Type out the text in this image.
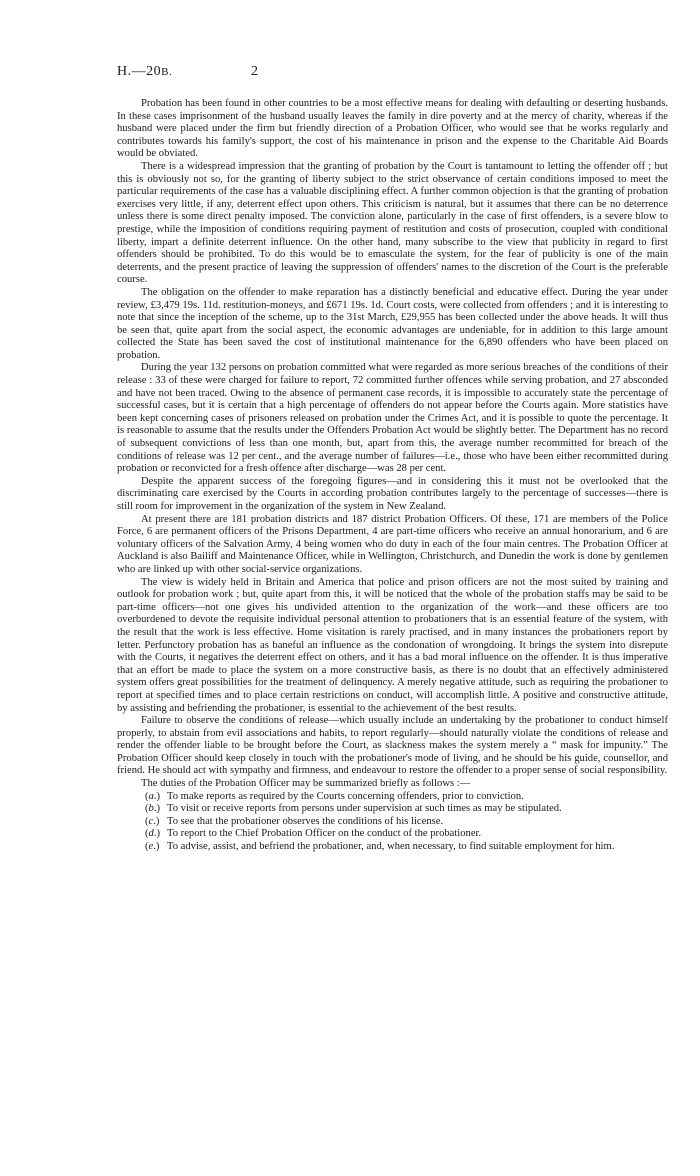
H.—20B.	2

Probation has been found in other countries to be a most effective means for dealing with defaulting or deserting husbands. In these cases imprisonment of the husband usually leaves the family in dire poverty and at the mercy of charity, whereas if the husband were placed under the firm but friendly direction of a Probation Officer, who would see that he works regularly and contributes towards his family's support, the cost of his maintenance in prison and the expense to the Charitable Aid Boards would be obviated.

There is a widespread impression that the granting of probation by the Court is tantamount to letting the offender off ; but this is obviously not so, for the granting of liberty subject to the strict observance of certain conditions imposed to meet the particular requirements of the case has a valuable disciplining effect. A further common objection is that the granting of probation exercises very little, if any, deterrent effect upon others. This criticism is natural, but it assumes that there can be no deterrence unless there is some direct penalty imposed. The conviction alone, particularly in the case of first offenders, is a severe blow to prestige, while the imposition of conditions requiring payment of restitution and costs of prosecution, coupled with conditional liberty, impart a definite deterrent influence. On the other hand, many subscribe to the view that publicity in regard to first offenders should be prohibited. To do this would be to emasculate the system, for the fear of publicity is one of the main deterrents, and the present practice of leaving the suppression of offenders' names to the discretion of the Court is the preferable course.

The obligation on the offender to make reparation has a distinctly beneficial and educative effect. During the year under review, £3,479 19s. 11d. restitution-moneys, and £671 19s. 1d. Court costs, were collected from offenders ; and it is interesting to note that since the inception of the scheme, up to the 31st March, £29,955 has been collected under the above heads. It will thus be seen that, quite apart from the social aspect, the economic advantages are undeniable, for in addition to this large amount collected the State has been saved the cost of institutional maintenance for the 6,890 offenders who have been placed on probation.

During the year 132 persons on probation committed what were regarded as more serious breaches of the conditions of their release : 33 of these were charged for failure to report, 72 committed further offences while serving probation, and 27 absconded and have not been traced. Owing to the absence of permanent case records, it is impossible to accurately state the percentage of successful cases, but it is certain that a high percentage of offenders do not appear before the Courts again. More statistics have been kept concerning cases of prisoners released on probation under the Crimes Act, and it is possible to quote the percentage. It is reasonable to assume that the results under the Offenders Probation Act would be slightly better. The Department has no record of subsequent convictions of less than one month, but, apart from this, the average number recommitted for breach of the conditions of release was 12 per cent., and the average number of failures—i.e., those who have been either recommitted during probation or reconvicted for a fresh offence after discharge—was 28 per cent.

Despite the apparent success of the foregoing figures—and in considering this it must not be overlooked that the discriminating care exercised by the Courts in according probation contributes largely to the percentage of successes—there is still room for improvement in the organization of the system in New Zealand.

At present there are 181 probation districts and 187 district Probation Officers. Of these, 171 are members of the Police Force, 6 are permanent officers of the Prisons Department, 4 are part-time officers who receive an annual honorarium, and 6 are voluntary officers of the Salvation Army, 4 being women who do duty in each of the four main centres. The Probation Officer at Auckland is also Bailiff and Maintenance Officer, while in Wellington, Christchurch, and Dunedin the work is done by gentlemen who are linked up with other social-service organizations.

The view is widely held in Britain and America that police and prison officers are not the most suited by training and outlook for probation work ; but, quite apart from this, it will be noticed that the whole of the probation staffs may be said to be part-time officers—not one gives his undivided attention to the organization of the work—and these officers are too overburdened to devote the requisite individual personal attention to probationers that is an essential feature of the system, with the result that the work is less effective. Home visitation is rarely practised, and in many instances the probationers report by letter. Perfunctory probation has as baneful an influence as the condonation of wrongdoing. It brings the system into disrepute with the Courts, it negatives the deterrent effect on others, and it has a bad moral influence on the offender. It is thus imperative that an effort be made to place the system on a more constructive basis, as there is no doubt that an effectively administered system offers great possibilities for the treatment of delinquency. A merely negative attitude, such as requiring the probationer to report at specified times and to place certain restrictions on conduct, will accomplish little. A positive and constructive attitude, by assisting and befriending the probationer, is essential to the achievement of the best results.

Failure to observe the conditions of release—which usually include an undertaking by the probationer to conduct himself properly, to abstain from evil associations and habits, to report regularly—should naturally violate the conditions of release and render the offender liable to be brought before the Court, as slackness makes the system merely a “ mask for impunity.” The Probation Officer should keep closely in touch with the probationer's mode of living, and he should be his guide, counsellor, and friend. He should act with sympathy and firmness, and endeavour to restore the offender to a proper sense of social responsibility.

The duties of the Probation Officer may be summarized briefly as follows :—

(a.) To make reports as required by the Courts concerning offenders, prior to conviction.
(b.) To visit or receive reports from persons under supervision at such times as may be stipulated.
(c.) To see that the probationer observes the conditions of his license.
(d.) To report to the Chief Probation Officer on the conduct of the probationer.
(e.) To advise, assist, and befriend the probationer, and, when necessary, to find suitable employment for him.
